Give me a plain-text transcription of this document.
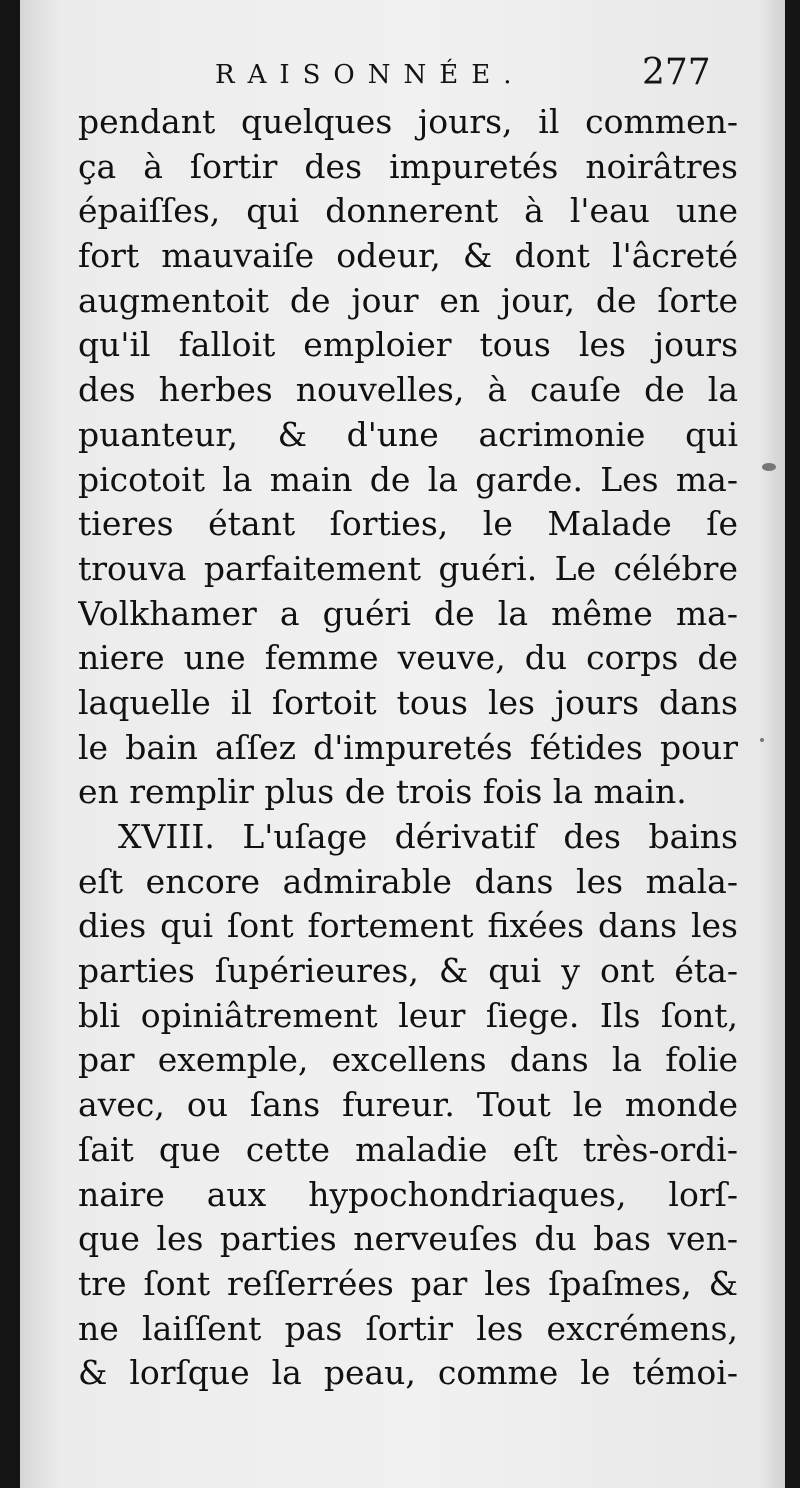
RAISONNÉE.	277
pendant quelques jours, il commen-
ça à ſortir des impuretés noirâtres
épaiſſes, qui donnerent à l'eau une
fort mauvaiſe odeur, & dont l'âcreté
augmentoit de jour en jour, de ſorte
qu'il falloit emploier tous les jours
des herbes nouvelles, à cauſe de la
puanteur, & d'une acrimonie qui
picotoit la main de la garde. Les ma-
tieres étant ſorties, le Malade ſe
trouva parfaitement guéri. Le célébre
Volkhamer a guéri de la même ma-
niere une femme veuve, du corps de
laquelle il ſortoit tous les jours dans
le bain aſſez d'impuretés fétides pour
en remplir plus de trois fois la main.
XVIII. L'uſage dérivatif des bains
eſt encore admirable dans les mala-
dies qui ſont fortement fixées dans les
parties ſupérieures, & qui y ont éta-
bli opiniâtrement leur ſiege. Ils ſont,
par exemple, excellens dans la folie
avec, ou ſans fureur. Tout le monde
ſait que cette maladie eſt très-ordi-
naire aux hypochondriaques, lorſ-
que les parties nerveuſes du bas ven-
tre ſont reſſerrées par les ſpaſmes, &
ne laiſſent pas ſortir les excrémens,
& lorſque la peau, comme le témoi-
